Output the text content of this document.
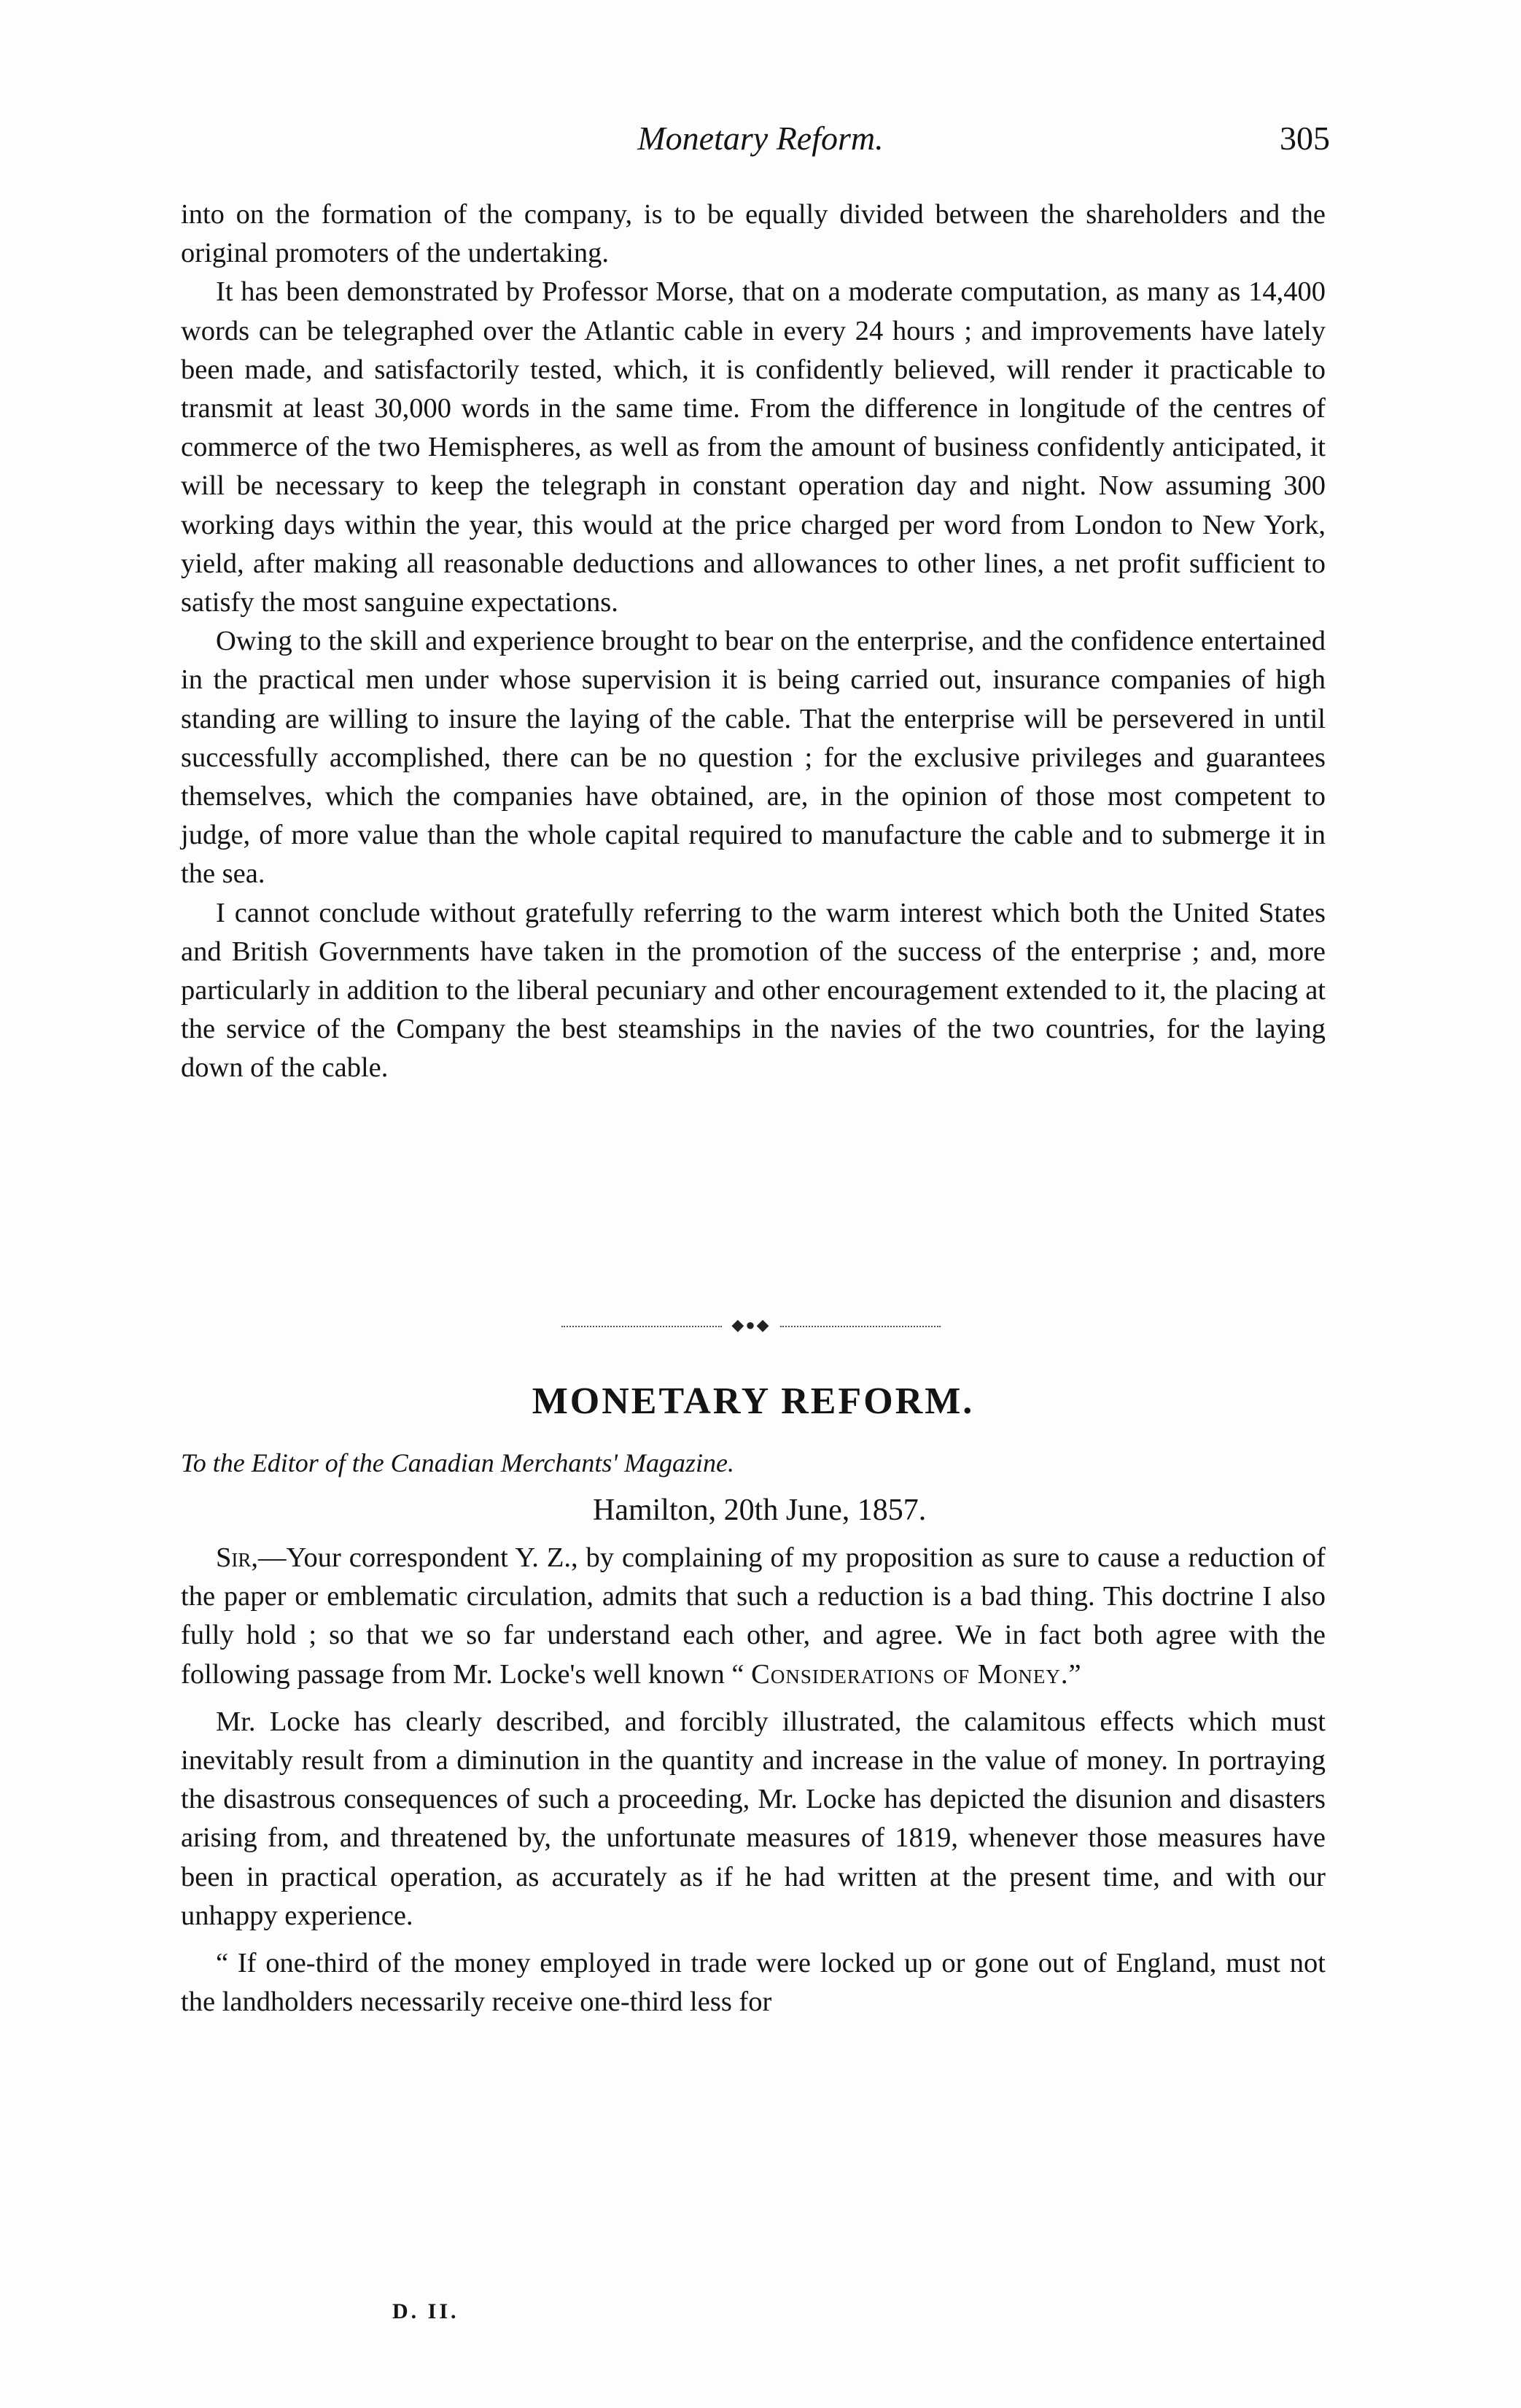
Monetary Reform.	305

into on the formation of the company, is to be equally divided between the shareholders and the original promoters of the undertaking.

It has been demonstrated by Professor Morse, that on a moderate computation, as many as 14,400 words can be telegraphed over the Atlantic cable in every 24 hours ; and improvements have lately been made, and satisfactorily tested, which, it is confidently believed, will render it practicable to transmit at least 30,000 words in the same time. From the difference in longitude of the centres of commerce of the two Hemispheres, as well as from the amount of business confidently anticipated, it will be necessary to keep the telegraph in constant operation day and night. Now assuming 300 working days within the year, this would at the price charged per word from London to New York, yield, after making all reasonable deductions and allowances to other lines, a net profit sufficient to satisfy the most sanguine expectations.

Owing to the skill and experience brought to bear on the enterprise, and the confidence entertained in the practical men under whose supervision it is being carried out, insurance companies of high standing are willing to insure the laying of the cable. That the enterprise will be persevered in until successfully accomplished, there can be no question ; for the exclusive privileges and guarantees themselves, which the companies have obtained, are, in the opinion of those most competent to judge, of more value than the whole capital required to manufacture the cable and to submerge it in the sea.

I cannot conclude without gratefully referring to the warm interest which both the United States and British Governments have taken in the promotion of the success of the enterprise ; and, more particularly in addition to the liberal pecuniary and other encouragement extended to it, the placing at the service of the Company the best steamships in the navies of the two countries, for the laying down of the cable.

◆●◆
MONETARY REFORM.

To the Editor of the Canadian Merchants' Magazine.

Hamilton, 20th June, 1857.

Sir,—Your correspondent Y. Z., by complaining of my proposition as sure to cause a reduction of the paper or emblematic circulation, admits that such a reduction is a bad thing. This doctrine I also fully hold ; so that we so far understand each other, and agree. We in fact both agree with the following passage from Mr. Locke's well known “ Considerations of Money.”

Mr. Locke has clearly described, and forcibly illustrated, the calamitous effects which must inevitably result from a diminution in the quantity and increase in the value of money. In portraying the disastrous consequences of such a proceeding, Mr. Locke has depicted the disunion and disasters arising from, and threatened by, the unfortunate measures of 1819, whenever those measures have been in practical operation, as accurately as if he had written at the present time, and with our unhappy experience.

“ If one-third of the money employed in trade were locked up or gone out of England, must not the landholders necessarily receive one-third less for

D. II.
